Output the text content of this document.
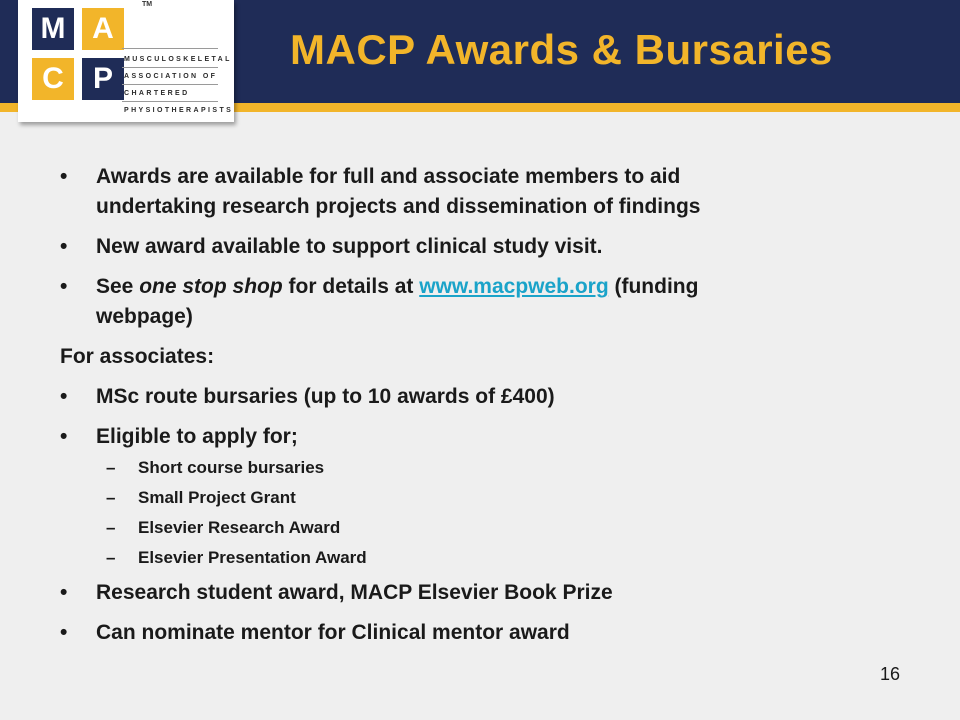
MACP Awards & Bursaries
M A
C P
TM
MUSCULOSKELETAL
ASSOCIATION OF
CHARTERED
PHYSIOTHERAPISTS
• Awards are available for full and associate members to aid
undertaking research projects and dissemination of findings

• New award available to support clinical study visit.

• See one stop shop for details at www.macpweb.org (funding
webpage)

For associates:

• MSc route bursaries (up to 10 awards of £400)

• Eligible to apply for;

– Short course bursaries

– Small Project Grant

– Elsevier Research Award

– Elsevier Presentation Award

• Research student award, MACP Elsevier Book Prize

• Can nominate mentor for Clinical mentor award

16
